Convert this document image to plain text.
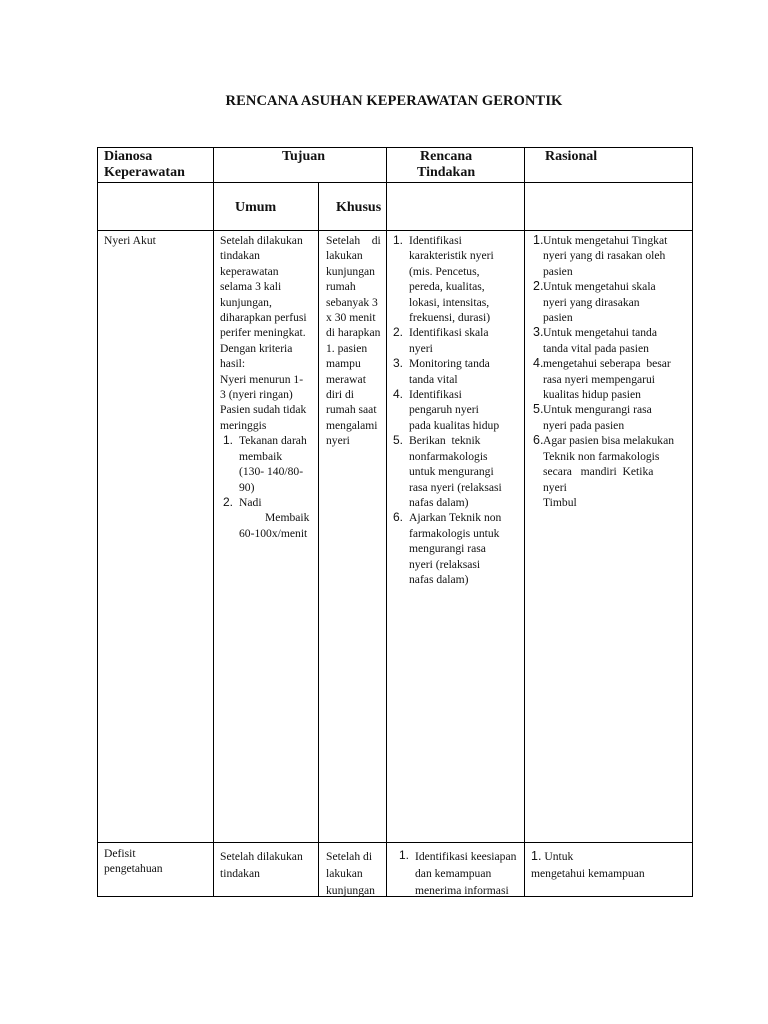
RENCANA ASUHAN KEPERAWATAN GERONTIK
Dianosa
Keperawatan
Tujuan
Umum	Khusus
Rencana
Tindakan
Rasional
Nyeri Akut	Setelah dilakukan
tindakan
keperawatan
selama 3 kali
kunjungan,
diharapkan perfusi
perifer meningkat.
Dengan kriteria
hasil:
Nyeri menurun 1-
3 (nyeri ringan)
Pasien sudah tidak
meringgis
1. Tekanan darah
membaik
(130- 140/80-
90)
2. Nadi
Membaik
60-100x/menit
Setelah    di
lakukan
kunjungan
rumah
sebanyak 3
x 30 menit
di harapkan
1. pasien
mampu
merawat
diri di
rumah saat
mengalami
nyeri
1. Identifikasi
karakteristik nyeri
(mis. Pencetus,
pereda, kualitas,
lokasi, intensitas,
frekuensi, durasi)
2. Identifikasi skala
nyeri
3. Monitoring tanda
tanda vital
4. Identifikasi
pengaruh nyeri
pada kualitas hidup
5. Berikan  teknik
nonfarmakologis
untuk mengurangi
rasa nyeri (relaksasi
nafas dalam)
6. Ajarkan Teknik non
farmakologis untuk
mengurangi rasa
nyeri (relaksasi
nafas dalam)
1. Untuk mengetahui Tingkat
nyeri yang di rasakan oleh
pasien
2. Untuk mengetahui skala
nyeri yang dirasakan
pasien
3. Untuk mengetahui tanda
tanda vital pada pasien
4. mengetahui seberapa  besar
rasa nyeri mempengarui
kualitas hidup pasien
5. Untuk mengurangi rasa
nyeri pada pasien
6. Agar pasien bisa melakukan
Teknik non farmakologis
secara   mandiri  Ketika
nyeri
Timbul
Defisit
pengetahuan
Setelah dilakukan
tindakan
Setelah di
lakukan
kunjungan
1. Identifikasi keesiapan
dan kemampuan
menerima informasi
1. Untuk
mengetahui kemampuan
